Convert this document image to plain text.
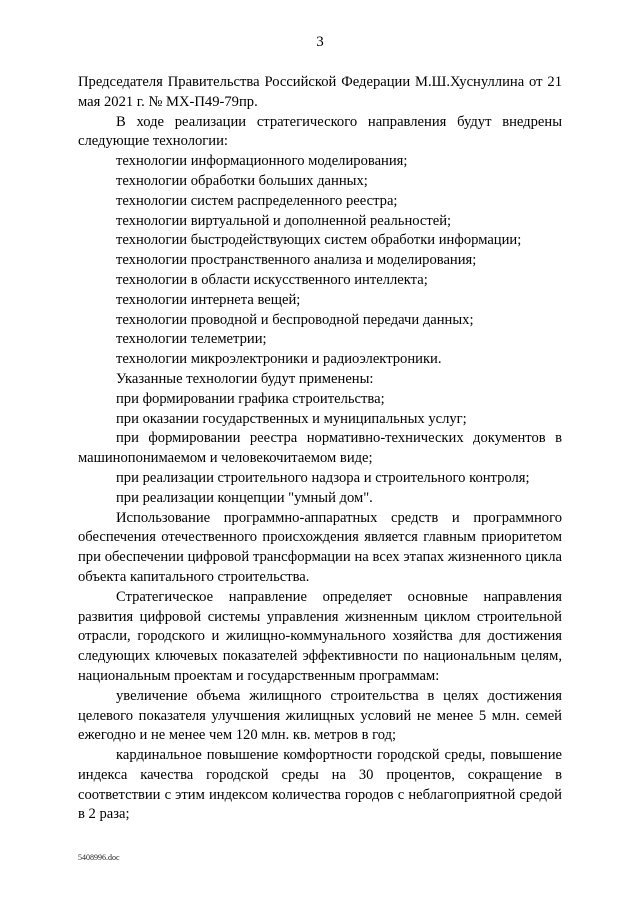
3

Председателя Правительства Российской Федерации М.Ш.Хуснуллина от 21 мая 2021 г. № МХ-П49-79пр.

В ходе реализации стратегического направления будут внедрены следующие технологии:

технологии информационного моделирования;

технологии обработки больших данных;

технологии систем распределенного реестра;

технологии виртуальной и дополненной реальностей;

технологии быстродействующих систем обработки информации;

технологии пространственного анализа и моделирования;

технологии в области искусственного интеллекта;

технологии интернета вещей;

технологии проводной и беспроводной передачи данных;

технологии телеметрии;

технологии микроэлектроники и радиоэлектроники.

Указанные технологии будут применены:

при формировании графика строительства;

при оказании государственных и муниципальных услуг;

при формировании реестра нормативно-технических документов в машинопонимаемом и человекочитаемом виде;

при реализации строительного надзора и строительного контроля;

при реализации концепции "умный дом".

Использование программно-аппаратных средств и программного обеспечения отечественного происхождения является главным приоритетом при обеспечении цифровой трансформации на всех этапах жизненного цикла объекта капитального строительства.

Стратегическое направление определяет основные направления развития цифровой системы управления жизненным циклом строительной отрасли, городского и жилищно-коммунального хозяйства для достижения следующих ключевых показателей эффективности по национальным целям, национальным проектам и государственным программам:

увеличение объема жилищного строительства в целях достижения целевого показателя улучшения жилищных условий не менее 5 млн. семей ежегодно и не менее чем 120 млн. кв. метров в год;

кардинальное повышение комфортности городской среды, повышение индекса качества городской среды на 30 процентов, сокращение в соответствии с этим индексом количества городов с неблагоприятной средой в 2 раза;

5408996.doc
